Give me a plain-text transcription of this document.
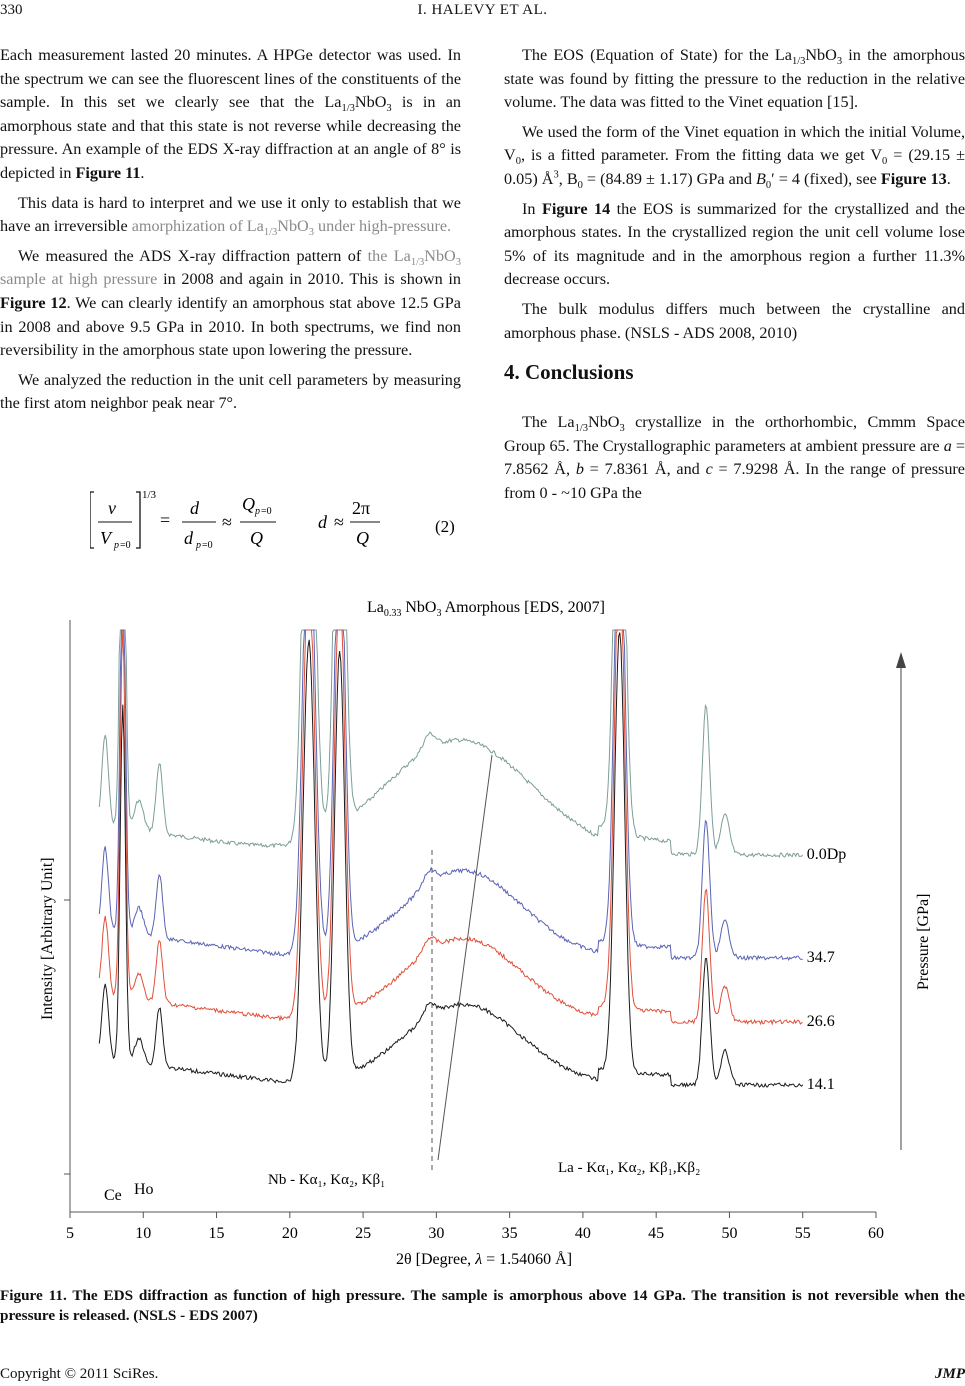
330	I. HALEVY ET AL.

Each measurement lasted 20 minutes. A HPGe detector was used. In the spectrum we can see the fluorescent lines of the constituents of the sample. In this set we clearly see that the $La_{1/3}NbO_3$ is in an amorphous state and that this state is not reverse while decreasing the pressure. An example of the EDS X-ray diffraction at an angle of 8° is depicted in Figure 11.

This data is hard to interpret and we use it only to establish that we have an irreversible amorphization of $La_{1/3}NbO_3$ under high-pressure.

We measured the ADS X-ray diffraction pattern of the $La_{1/3}NbO_3$ sample at high pressure in 2008 and again in 2010. This is shown in Figure 12. We can clearly identify an amorphous stat above 12.5 GPa in 2008 and above 9.5 GPa in 2010. In both spectrums, we find non reversibility in the amorphous state upon lowering the pressure.

We analyzed the reduction in the unit cell parameters by measuring the first atom neighbor peak near 7°.

1/3
v
V p =0
=
d
d p =0
≈
Q p =0
Q
d ≈
2π
Q
(2)

The EOS (Equation of State) for the $La_{1/3}NbO_3$ in the amorphous state was found by fitting the pressure to the reduction in the relative volume. The data was fitted to the Vinet equation [15].

We used the form of the Vinet equation in which the initial Volume, $V_0$, is a fitted parameter. From the fitting data we get $V_0 = (29.15 \pm 0.05)$ $Å^3$, $B_0 = (84.89 \pm 1.17)$ GPa and $B_0' = 4$ (fixed), see Figure 13.

In Figure 14 the EOS is summarized for the crystallized and the amorphous states. In the crystallized region the unit cell volume lose 5% of its magnitude and in the amorphous region a further 11.3% decrease occurs.

The bulk modulus differs much between the crystalline and amorphous phase. (NSLS - ADS 2008, 2010)

4. Conclusions

The $La_{1/3}NbO_3$ crystallize in the orthorhombic, Cmmm Space Group 65. The Crystallographic parameters at ambient pressure are a = 7.8562 Å, b = 7.8361 Å, and c = 7.9298 Å. In the range of pressure from 0 - ~10 GPa the

$La_{0.33}$ NbO$_3$ Amorphous [EDS, 2007]
Intensity [Arbitrary Unit]
5	10	15	20	25	30	35	40	45	50	55	60
2θ [Degree, λ = 1.54060 Å]
0.0Dp
34.7
26.6
14.1
Ce Ho
Nb - Kα₁, Kα₂, Kβ₁
La - Kα₁, Kα₂, Kβ₁,Kβ₂
Pressure [GPa]
Figure 11. The EDS diffraction as function of high pressure. The sample is amorphous above 14 GPa. The transition is not reversible when the pressure is released. (NSLS - EDS 2007)
Copyright © 2011 SciRes.	JMP
